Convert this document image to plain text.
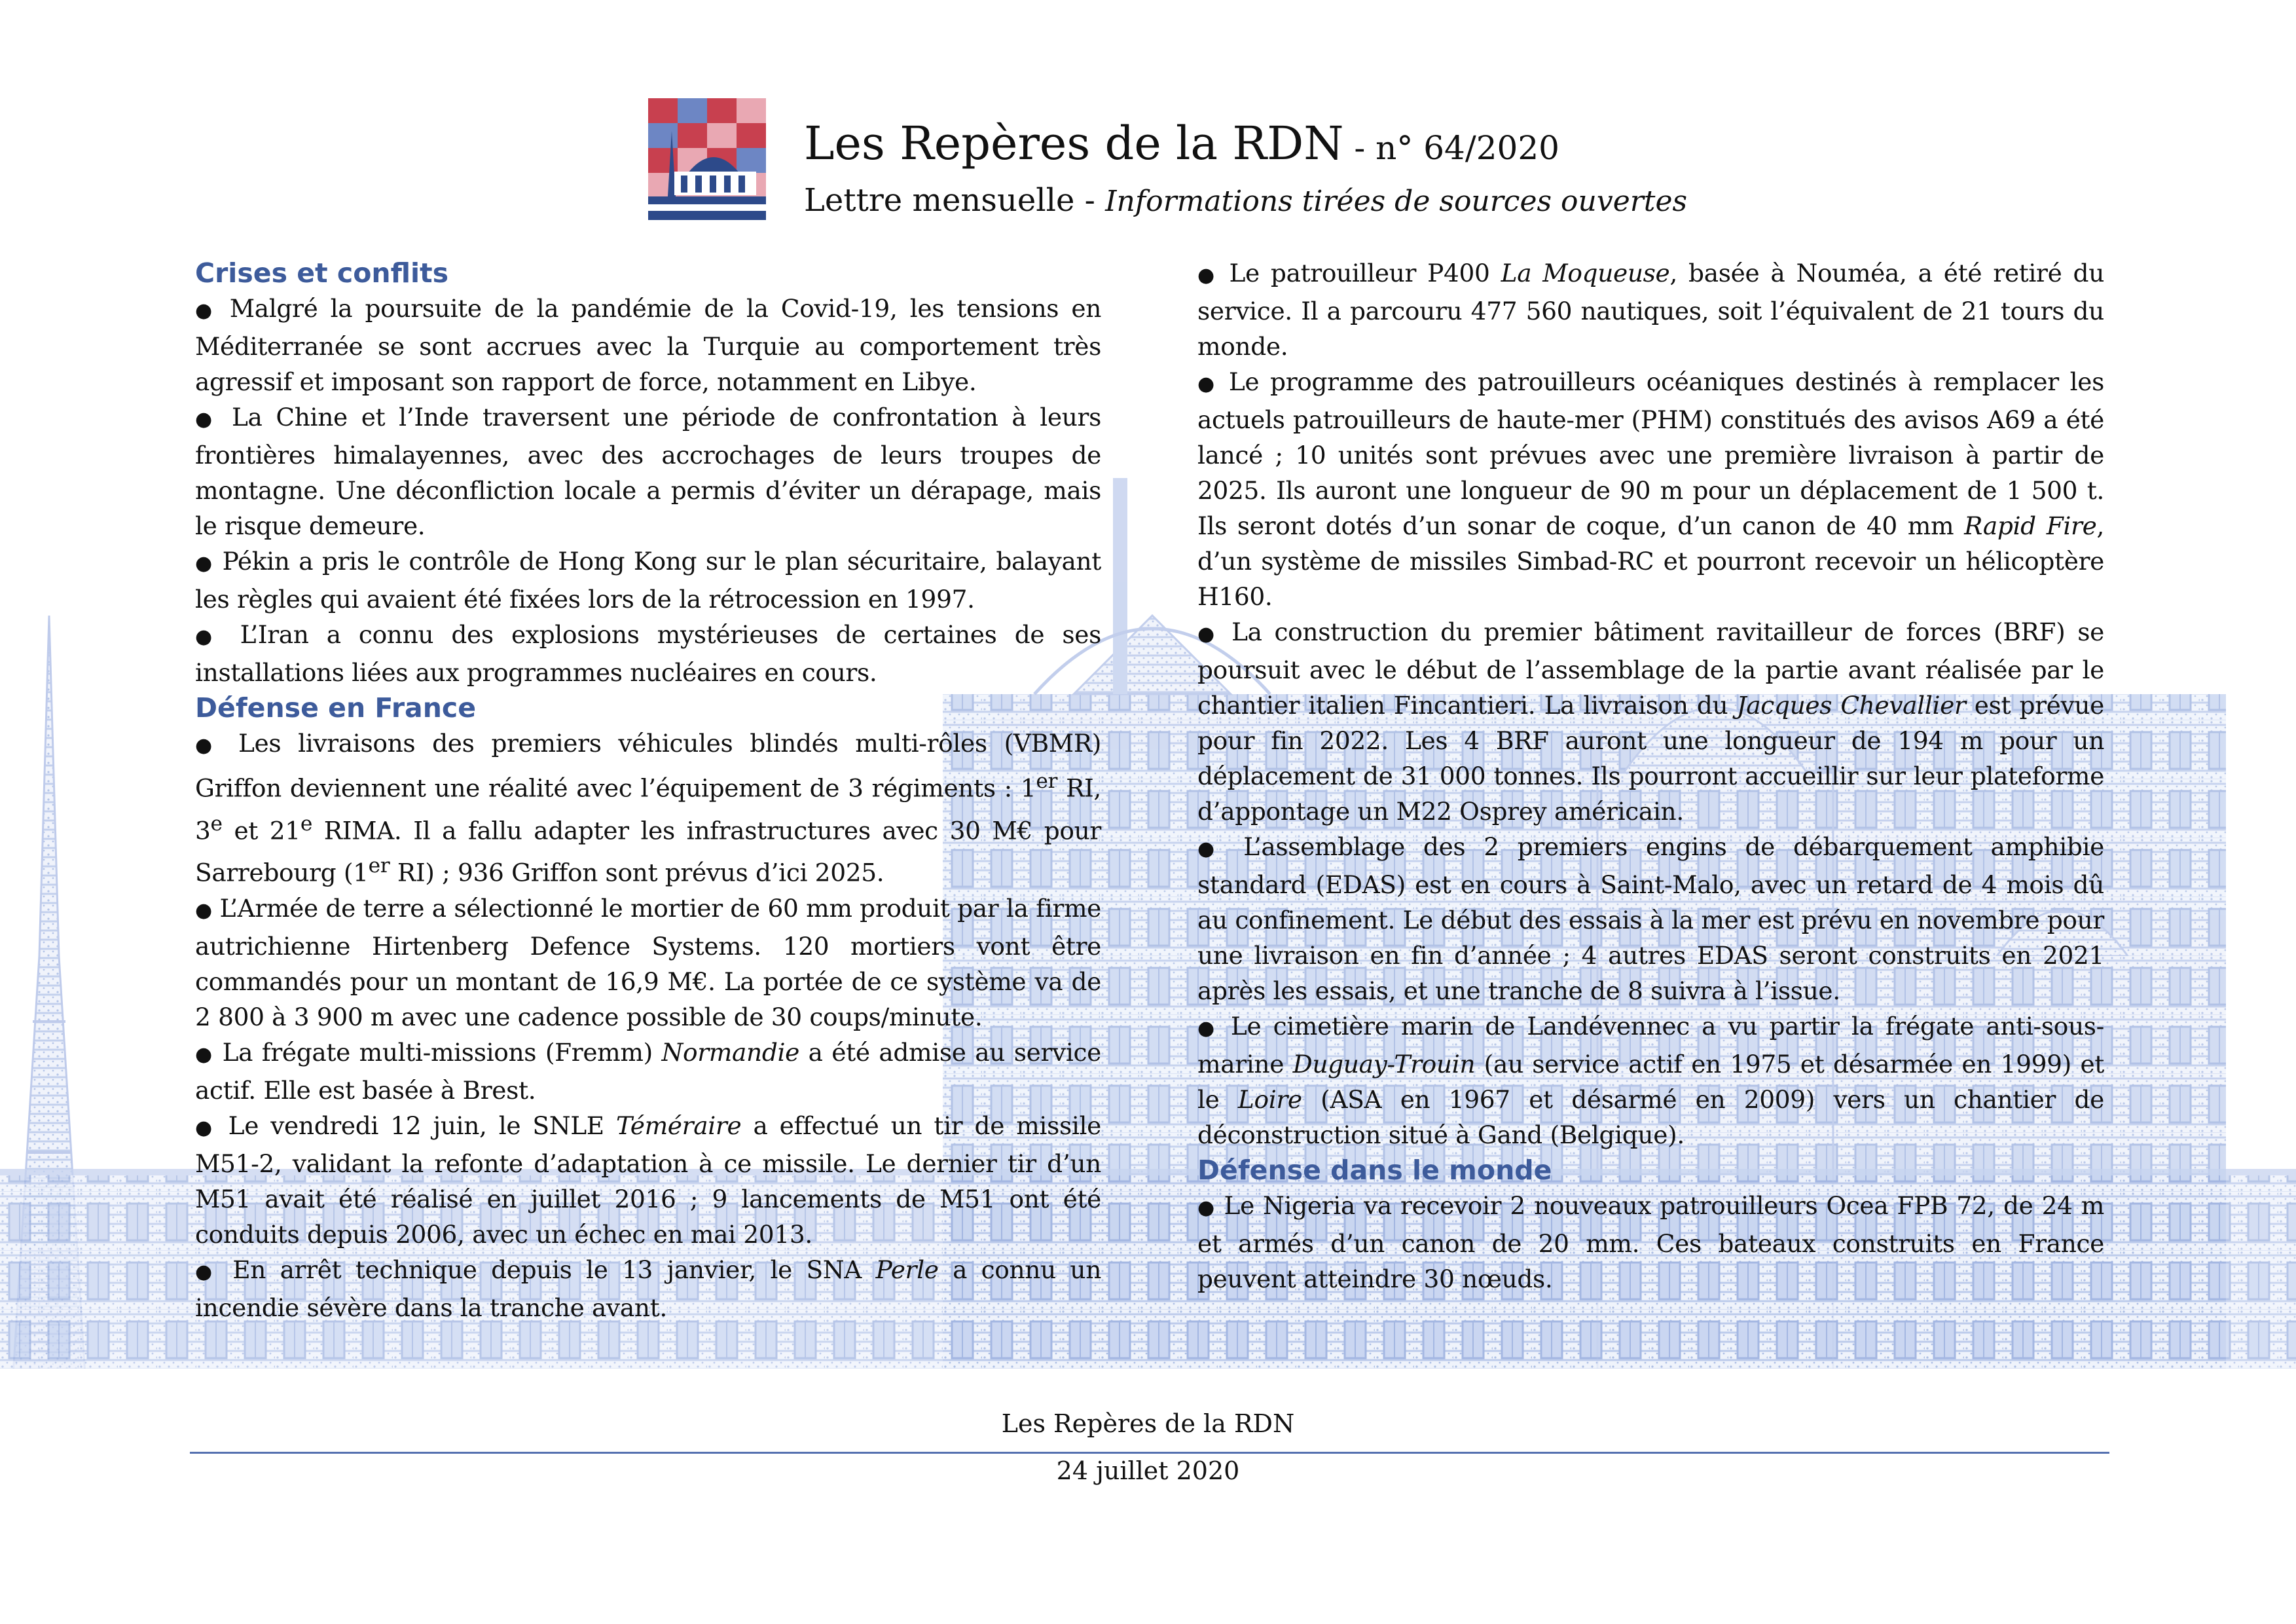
Les Repères de la RDN - n° 64/2020
Lettre mensuelle - Informations tirées de sources ouvertes
Crises et conflits

● Malgré la poursuite de la pandémie de la Covid-19, les tensions en Méditerranée se sont accrues avec la Turquie au comportement très agressif et imposant son rapport de force, notamment en Libye.

● La Chine et l’Inde traversent une période de confrontation à leurs frontières himalayennes, avec des accrochages de leurs troupes de montagne. Une déconfliction locale a permis d’éviter un dérapage, mais le risque demeure.

● Pékin a pris le contrôle de Hong Kong sur le plan sécuritaire, balayant les règles qui avaient été fixées lors de la rétrocession en 1997.

● L’Iran a connu des explosions mystérieuses de certaines de ses installations liées aux programmes nucléaires en cours.

Défense en France

● Les livraisons des premiers véhicules blindés multi-rôles (VBMR) Griffon deviennent une réalité avec l’équipement de 3 régiments : 1er RI, 3e et 21e RIMA. Il a fallu adapter les infrastructures avec 30 M€ pour Sarrebourg (1er RI) ; 936 Griffon sont prévus d’ici 2025.

● L’Armée de terre a sélectionné le mortier de 60 mm produit par la firme autrichienne Hirtenberg Defence Systems. 120 mortiers vont être commandés pour un montant de 16,9 M€. La portée de ce système va de 2 800 à 3 900 m avec une cadence possible de 30 coups/minute.

● La frégate multi-missions (Fremm) Normandie a été admise au service actif. Elle est basée à Brest.

● Le vendredi 12 juin, le SNLE Téméraire a effectué un tir de missile M51-2, validant la refonte d’adaptation à ce missile. Le dernier tir d’un M51 avait été réalisé en juillet 2016 ; 9 lancements de M51 ont été conduits depuis 2006, avec un échec en mai 2013.

● En arrêt technique depuis le 13 janvier, le SNA Perle a connu un incendie sévère dans la tranche avant.

● Le patrouilleur P400 La Moqueuse, basée à Nouméa, a été retiré du service. Il a parcouru 477 560 nautiques, soit l’équivalent de 21 tours du monde.

● Le programme des patrouilleurs océaniques destinés à remplacer les actuels patrouilleurs de haute-mer (PHM) constitués des avisos A69 a été lancé ; 10 unités sont prévues avec une première livraison à partir de 2025. Ils auront une longueur de 90 m pour un déplacement de 1 500 t. Ils seront dotés d’un sonar de coque, d’un canon de 40 mm Rapid Fire, d’un système de missiles Simbad-RC et pourront recevoir un hélicoptère H160.

● La construction du premier bâtiment ravitailleur de forces (BRF) se poursuit avec le début de l’assemblage de la partie avant réalisée par le chantier italien Fincantieri. La livraison du Jacques Chevallier est prévue pour fin 2022. Les 4 BRF auront une longueur de 194 m pour un déplacement de 31 000 tonnes. Ils pourront accueillir sur leur plateforme d’appontage un M22 Osprey américain.

● L’assemblage des 2 premiers engins de débarquement amphibie standard (EDAS) est en cours à Saint-Malo, avec un retard de 4 mois dû au confinement. Le début des essais à la mer est prévu en novembre pour une livraison en fin d’année ; 4 autres EDAS seront construits en 2021 après les essais, et une tranche de 8 suivra à l’issue.

● Le cimetière marin de Landévennec a vu partir la frégate anti-sous-marine Duguay-Trouin (au service actif en 1975 et désarmée en 1999) et le Loire (ASA en 1967 et désarmé en 2009) vers un chantier de déconstruction situé à Gand (Belgique).

Défense dans le monde

● Le Nigeria va recevoir 2 nouveaux patrouilleurs Ocea FPB 72, de 24 m et armés d’un canon de 20 mm. Ces bateaux construits en France peuvent atteindre 30 nœuds.

Les Repères de la RDN
24 juillet 2020
